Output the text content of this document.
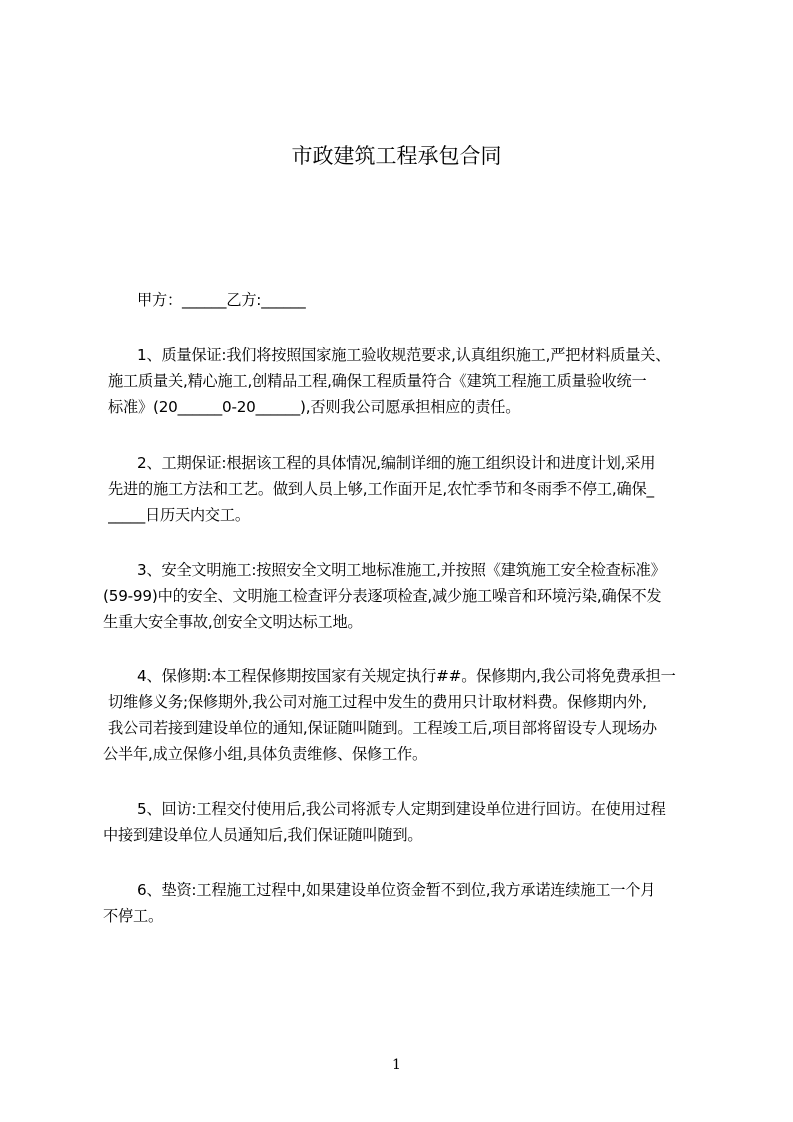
市政建筑工程承包合同
甲方：______乙方:______
1、质量保证:我们将按照国家施工验收规范要求,认真组织施工,严把材料质量关、
施工质量关,精心施工,创精品工程,确保工程质量符合《建筑工程施工质量验收统一
标准》(20______0-20______),否则我公司愿承担相应的责任。
2、工期保证:根据该工程的具体情况,编制详细的施工组织设计和进度计划,采用
先进的施工方法和工艺。做到人员上够,工作面开足,农忙季节和冬雨季不停工,确保_
_____日历天内交工。
3、安全文明施工:按照安全文明工地标准施工,并按照《建筑施工安全检查标准》
(59-99)中的安全、文明施工检查评分表逐项检查,减少施工噪音和环境污染,确保不发
生重大安全事故,创安全文明达标工地。
4、保修期:本工程保修期按国家有关规定执行##。保修期内,我公司将免费承担一
切维修义务;保修期外,我公司对施工过程中发生的费用只计取材料费。保修期内外,
我公司若接到建设单位的通知,保证随叫随到。工程竣工后,项目部将留设专人现场办
公半年,成立保修小组,具体负责维修、保修工作。
5、回访:工程交付使用后,我公司将派专人定期到建设单位进行回访。在使用过程
中接到建设单位人员通知后,我们保证随叫随到。
6、垫资:工程施工过程中,如果建设单位资金暂不到位,我方承诺连续施工一个月
不停工。
1
